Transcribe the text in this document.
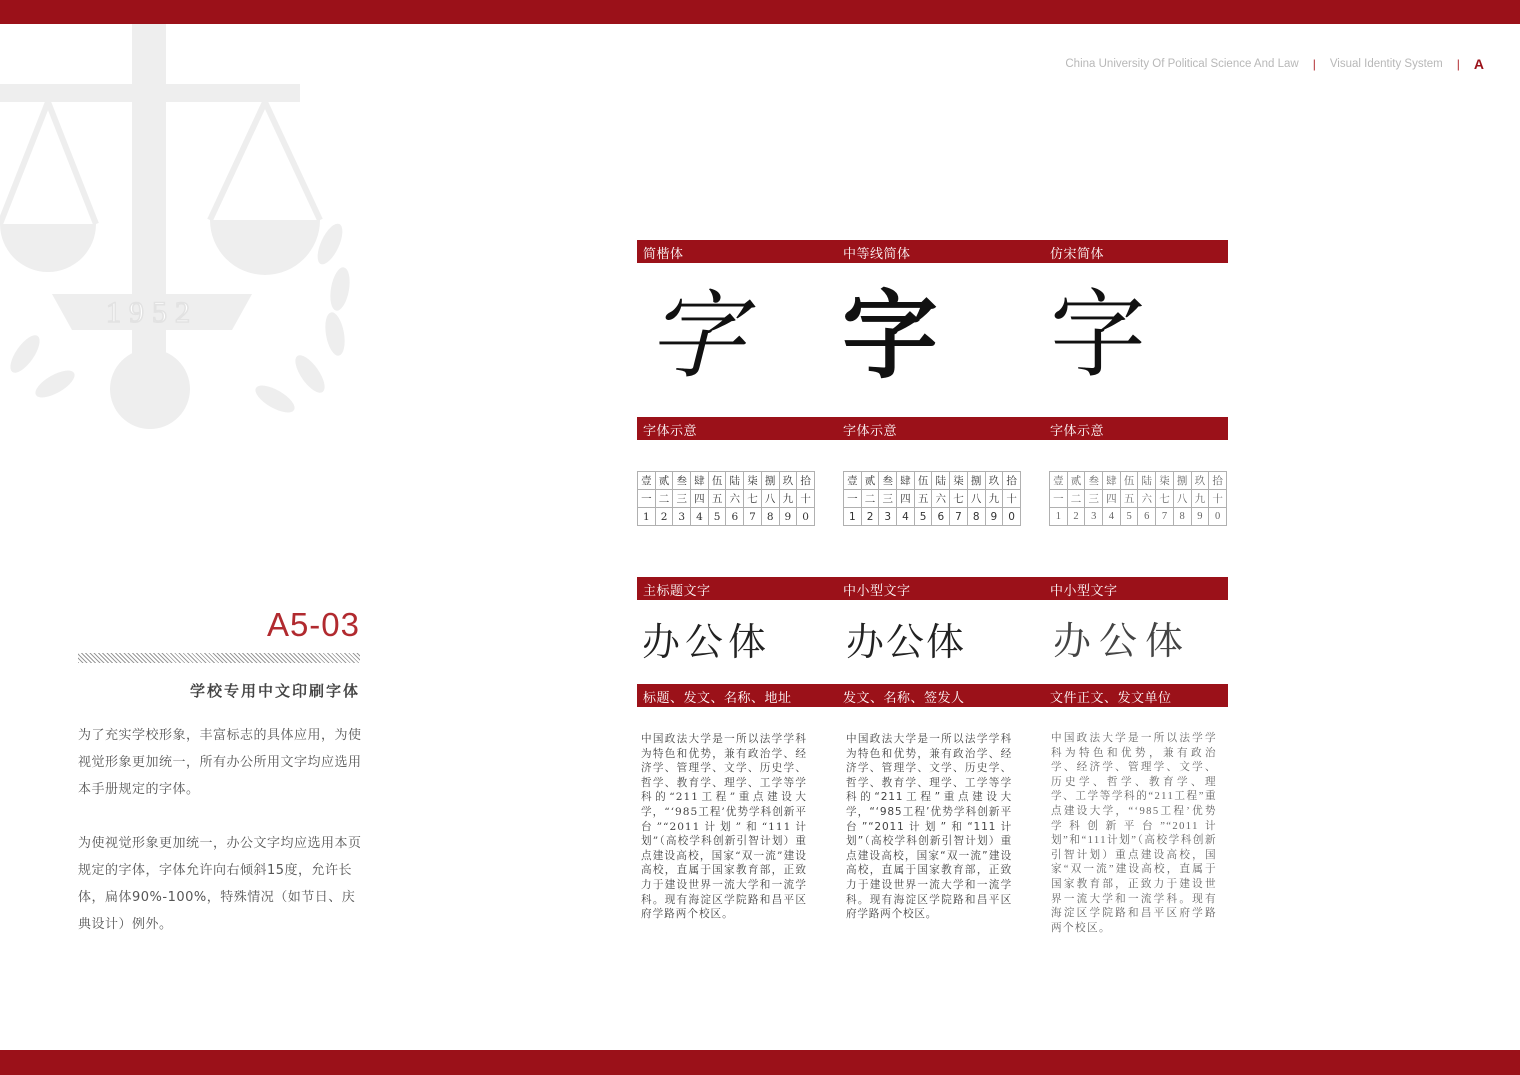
1952
China University Of Political Science And Law | Visual Identity System | A
A5-03
学校专用中文印刷字体
为了充实学校形象，丰富标志的具体应用，为使视觉形象更加统一，所有办公所用文字均应选用本手册规定的字体。
为使视觉形象更加统一，办公文字均应选用本页规定的字体，字体允许向右倾斜15度，允许长体，扁体90%-100%，特殊情况（如节日、庆典设计）例外。
简楷体	中等线简体	仿宋简体
字 字 字
字体示意	字体示意	字体示意
壹	贰	叁	肆	伍	陆	柒	捌	玖	拾
一	二	三	四	五	六	七	八	九	十
1	2	3	4	5	6	7	8	9	0
壹	贰	叁	肆	伍	陆	柒	捌	玖	拾
一	二	三	四	五	六	七	八	九	十
1	2	3	4	5	6	7	8	9	0
壹	贰	叁	肆	伍	陆	柒	捌	玖	拾
一	二	三	四	五	六	七	八	九	十
1	2	3	4	5	6	7	8	9	0
主标题文字	中小型文字	中小型文字
办公体 办公体 办公体
标题、发文、名称、地址	发文、名称、签发人	文件正文、发文单位
中国政法大学是一所以法学学科为特色和优势，兼有政治学、经济学、管理学、文学、历史学、哲学、教育学、理学、工学等学科的“211工程”重点建设大学，“‘985工程’优势学科创新平台”“2011计划”和“111计划”（高校学科创新引智计划）重点建设高校，国家“双一流”建设高校，直属于国家教育部，正致力于建设世界一流大学和一流学科。现有海淀区学院路和昌平区府学路两个校区。
中国政法大学是一所以法学学科为特色和优势，兼有政治学、经济学、管理学、文学、历史学、哲学、教育学、理学、工学等学科的“211工程”重点建设大学，“‘985工程’优势学科创新平台”“2011计划”和“111计划”（高校学科创新引智计划）重点建设高校，国家“双一流”建设高校，直属于国家教育部，正致力于建设世界一流大学和一流学科。现有海淀区学院路和昌平区府学路两个校区。
中国政法大学是一所以法学学科为特色和优势，兼有政治学、经济学、管理学、文学、历史学、哲学、教育学、理学、工学等学科的“211工程”重点建设大学，“‘985工程’优势学科创新平台”“2011计划”和“111计划”（高校学科创新引智计划）重点建设高校，国家“双一流”建设高校，直属于国家教育部，正致力于建设世界一流大学和一流学科。现有海淀区学院路和昌平区府学路两个校区。
